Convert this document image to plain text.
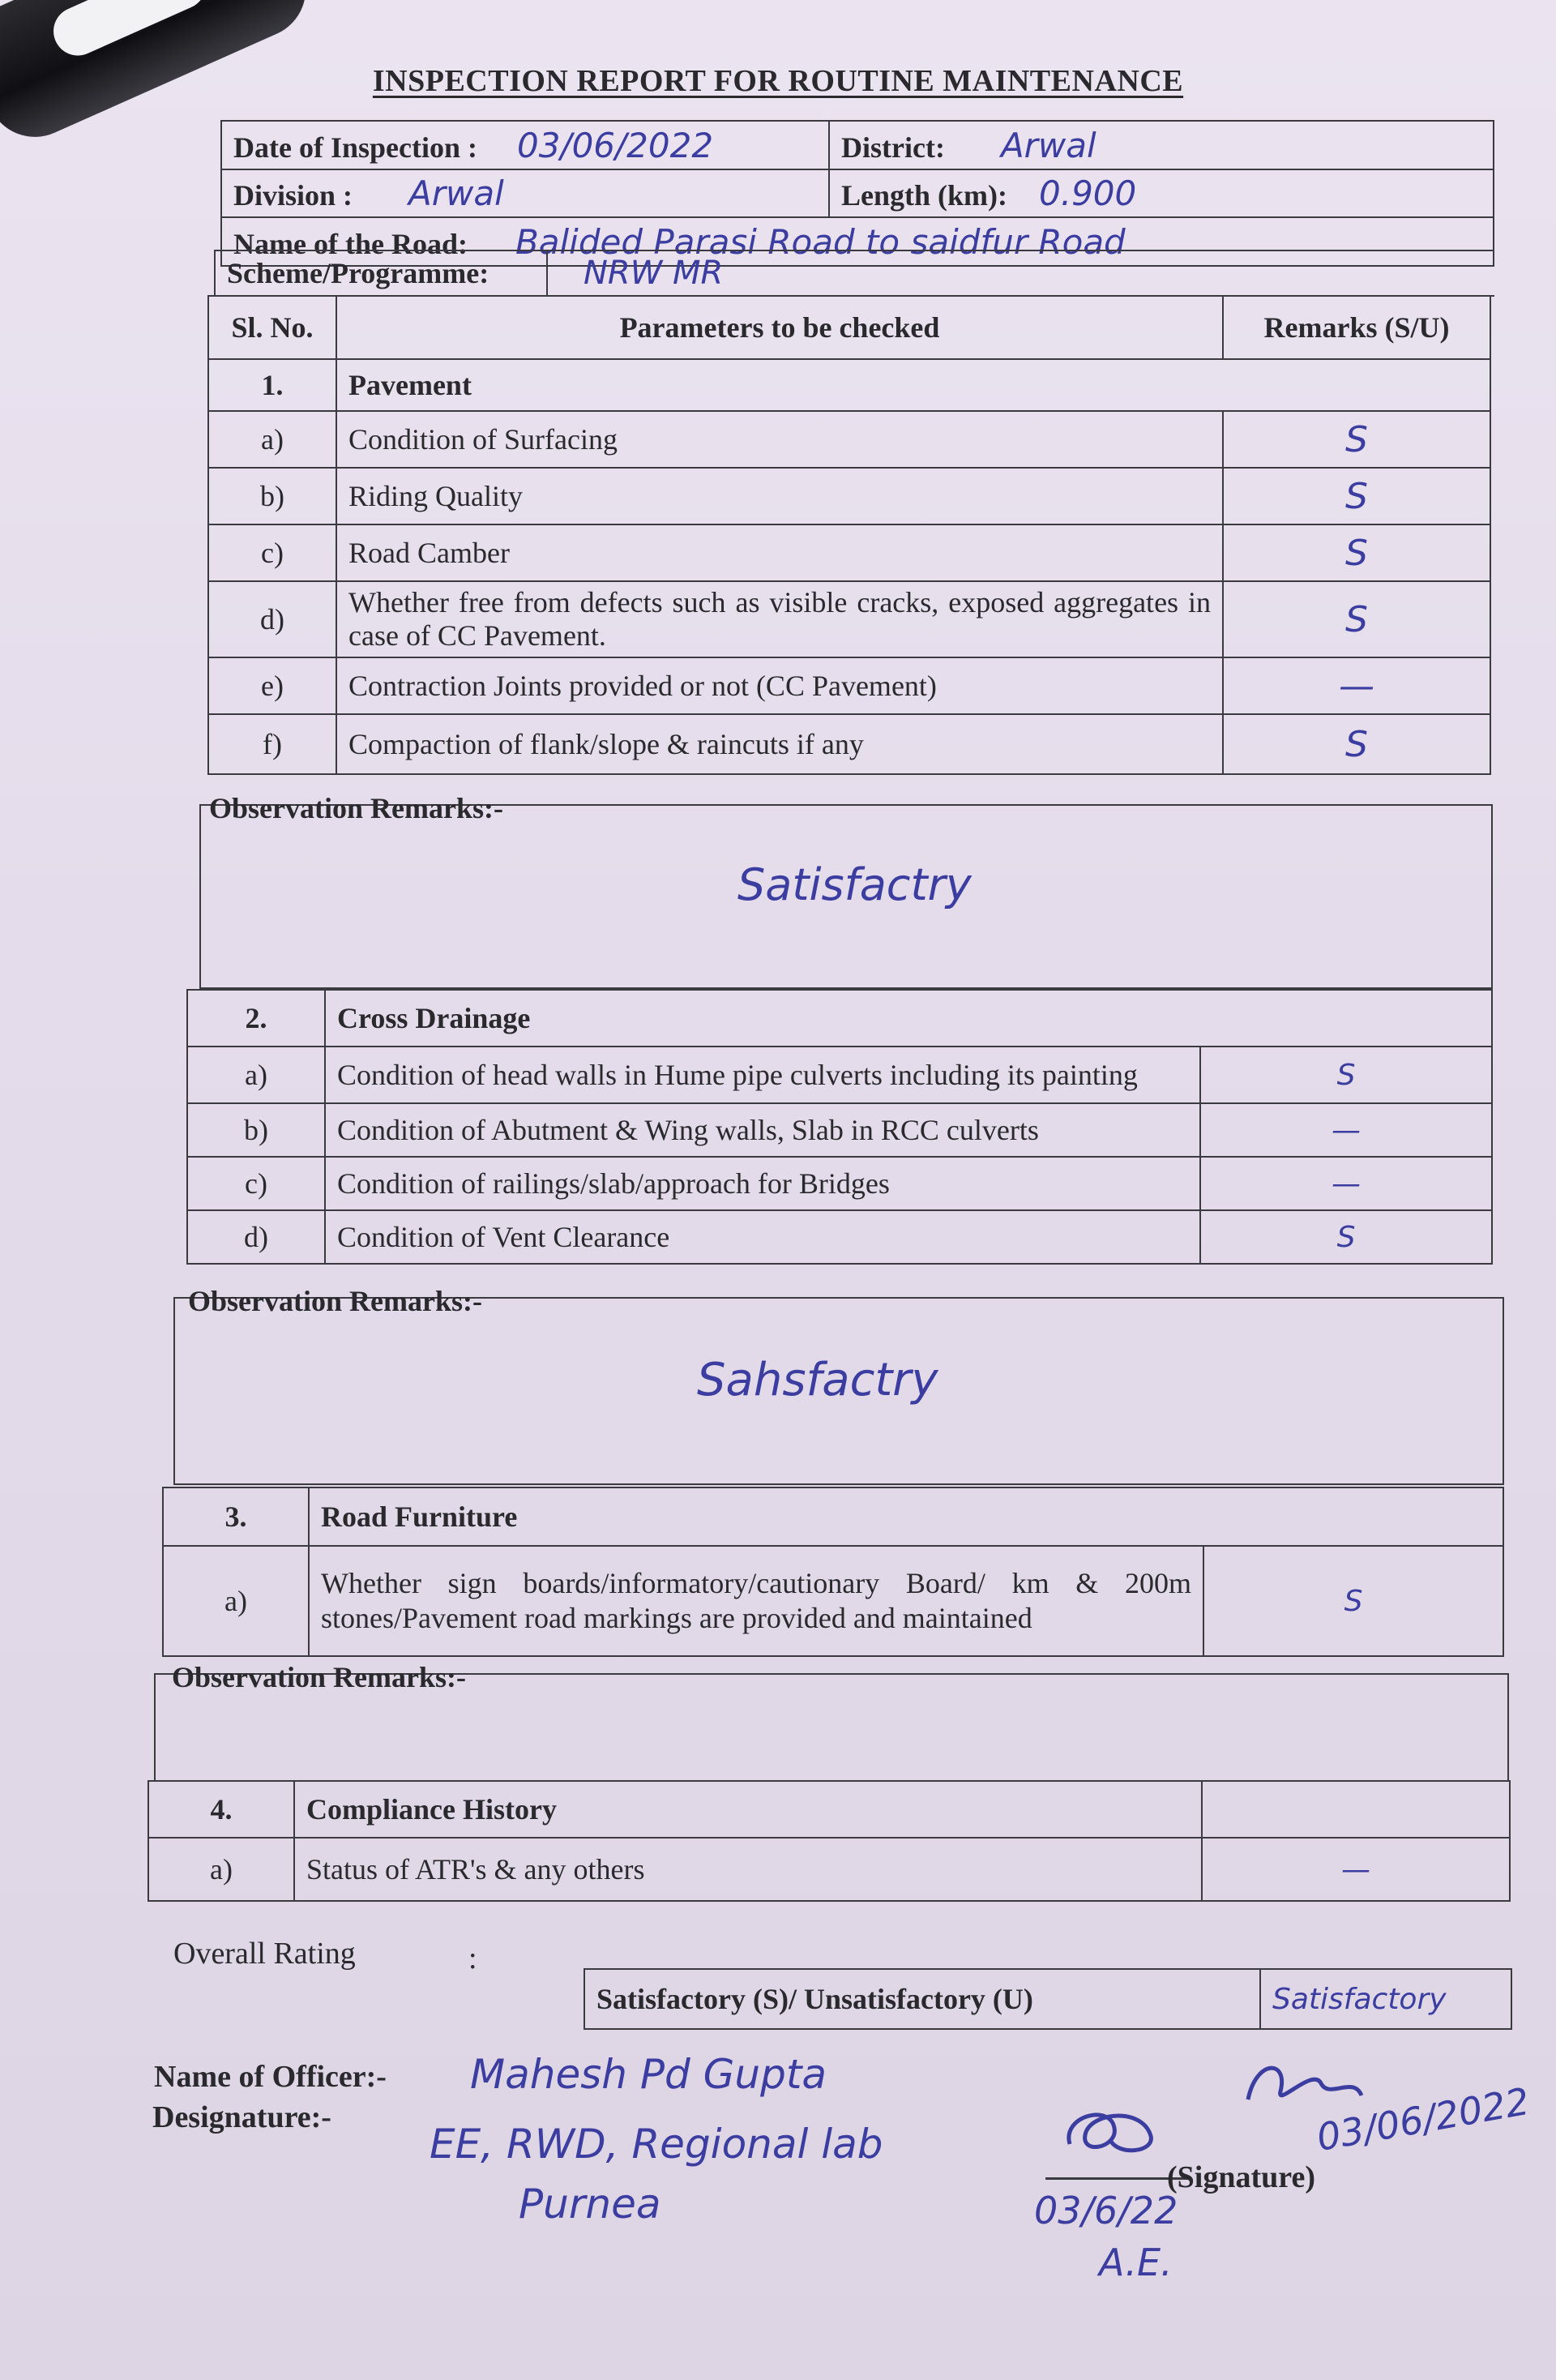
INSPECTION REPORT FOR ROUTINE MAINTENANCE
Date of Inspection : 03/06/2022	District: Arwal
Division : Arwal	Length (km): 0.900
Name of the Road: Balided Parasi Road to saidfur Road	
Scheme/Programme:	NRW MR
Sl. No.	Parameters to be checked	Remarks (S/U)
1.	Pavement	
a)	Condition of Surfacing	S
b)	Riding Quality	S
c)	Road Camber	S
d)	Whether free from defects such as visible cracks, exposed aggregates in case of CC Pavement.	S
e)	Contraction Joints provided or not (CC Pavement)	—
f)	Compaction of flank/slope & raincuts if any	S
Observation Remarks:-
Satisfactry
2.	Cross Drainage	
a)	Condition of head walls in Hume pipe culverts including its painting	S
b)	Condition of Abutment & Wing walls, Slab in RCC culverts	—
c)	Condition of railings/slab/approach for Bridges	—
d)	Condition of Vent Clearance	S
Observation Remarks:-
Sahsfactry
3.	Road Furniture	
a)	Whether sign boards/informatory/cautionary Board/ km & 200m stones/Pavement road markings are provided and maintained	S
Observation Remarks:-
4.	Compliance History	
a)	Status of ATR's & any others	—
Overall Rating	:
Satisfactory (S)/ Unsatisfactory (U)	Satisfactory
Name of Officer:-
Designature:-
Mahesh Pd Gupta
EE, RWD, Regional lab
Purnea
(Signature)
03/6/22
A.E.
03/06/2022
